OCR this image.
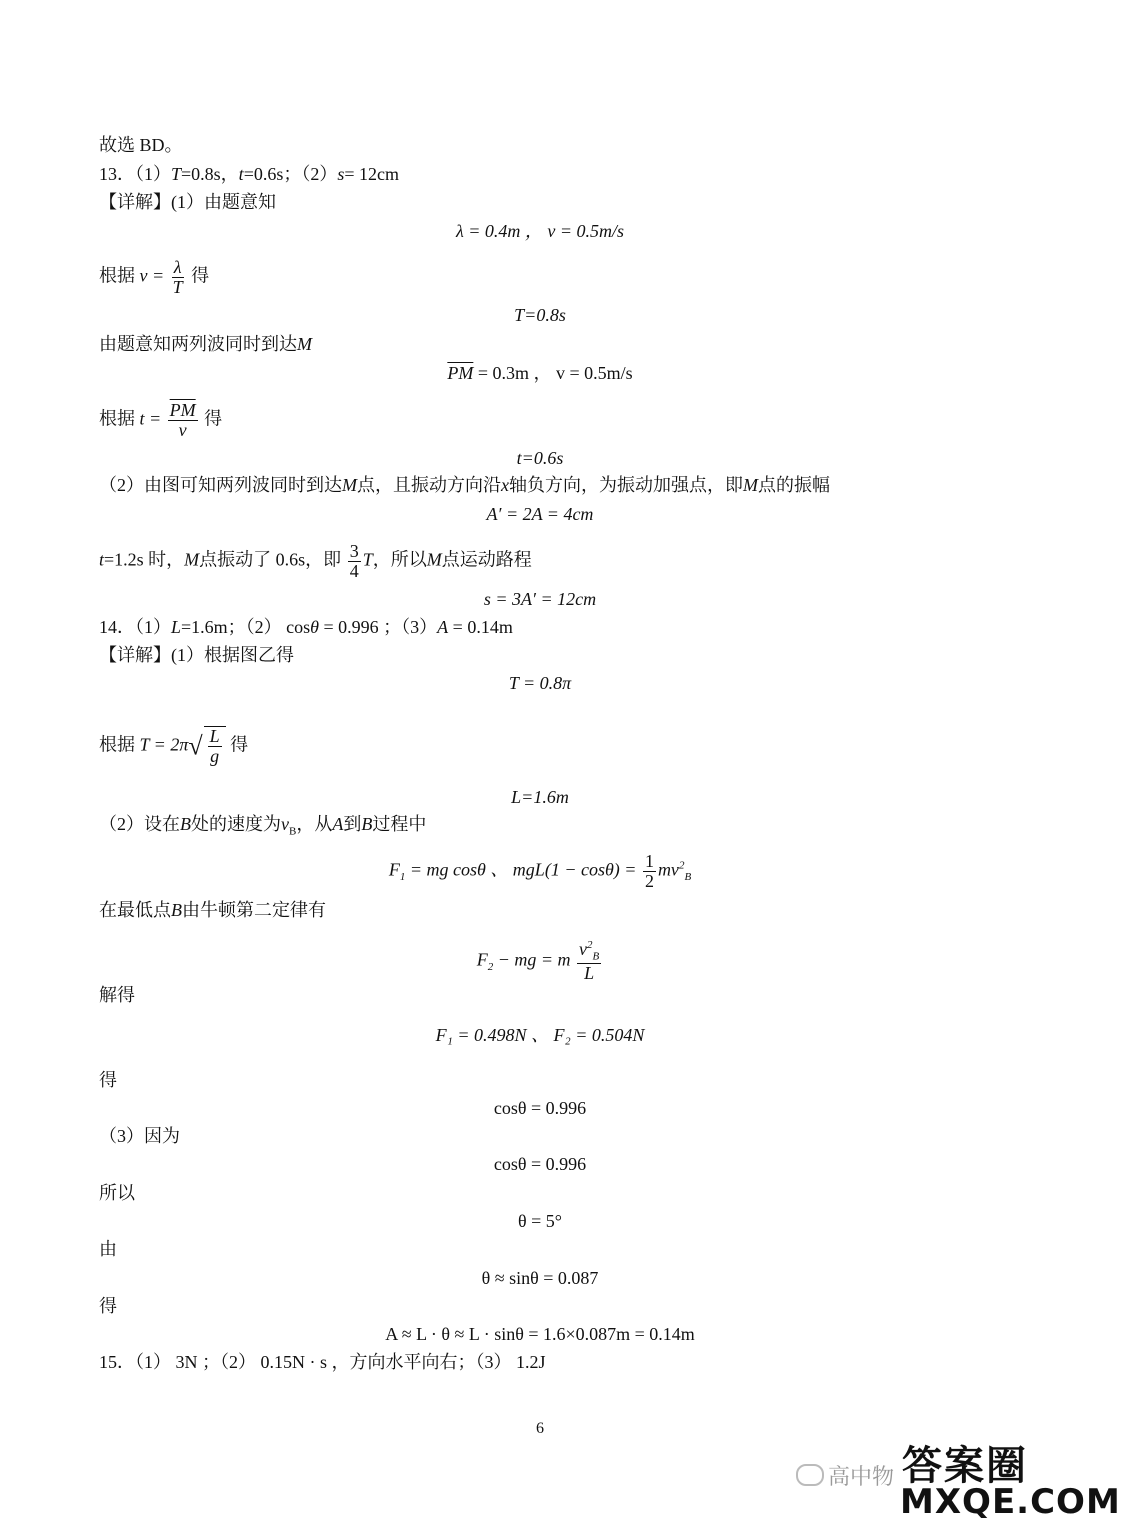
故选 BD。
13．（1）T=0.8s，t=0.6s；（2）s= 12cm
【详解】(1）由题意知
λ = 0.4m ， v = 0.5m/s
根据 $v = \frac{\lambda}{T}$ 得
T=0.8s
由题意知两列波同时到达M
$\overline{PM} = 0.3m$ ， v = 0.5m/s
根据 $t = \frac{\overline{PM}}{v}$ 得
t=0.6s
（2）由图可知两列波同时到达M点，且振动方向沿x轴负方向，为振动加强点，即M点的振幅
A′ = 2A = 4cm
t=1.2s 时，M点振动了 0.6s，即 $\frac{3}{4}$ T，所以M点运动路程
s = 3A′ = 12cm
14．（1）L=1.6m；（2） cosθ = 0.996 ；（3）A = 0.14m
【详解】(1）根据图乙得
T = 0.8π
根据 $T = 2\pi√ \frac{L}{g}$ 得
L=1.6m
（2）设在B处的速度为$v_B$，从A到B过程中
$F_1$ = mg cosθ 、 $mgL(1 - \cos\theta) = \frac{1}{2} mv^2_B$
在最低点B由牛顿第二定律有
$F_2$ − mg = m $\frac{v^2_B}{L}$
解得
F₁ = 0.498N 、 F₂ = 0.504N
得
cosθ = 0.996
（3）因为
cosθ = 0.996
所以
θ = 5°
由
θ ≈ sinθ = 0.087
得
A ≈ L · θ ≈ L · sinθ = 1.6×0.087m = 0.14m
15．（1） 3N ；（2） 0.15N · s ，方向水平向右；（3） 1.2J
6
高中物 答案圈
MXQE.COM
